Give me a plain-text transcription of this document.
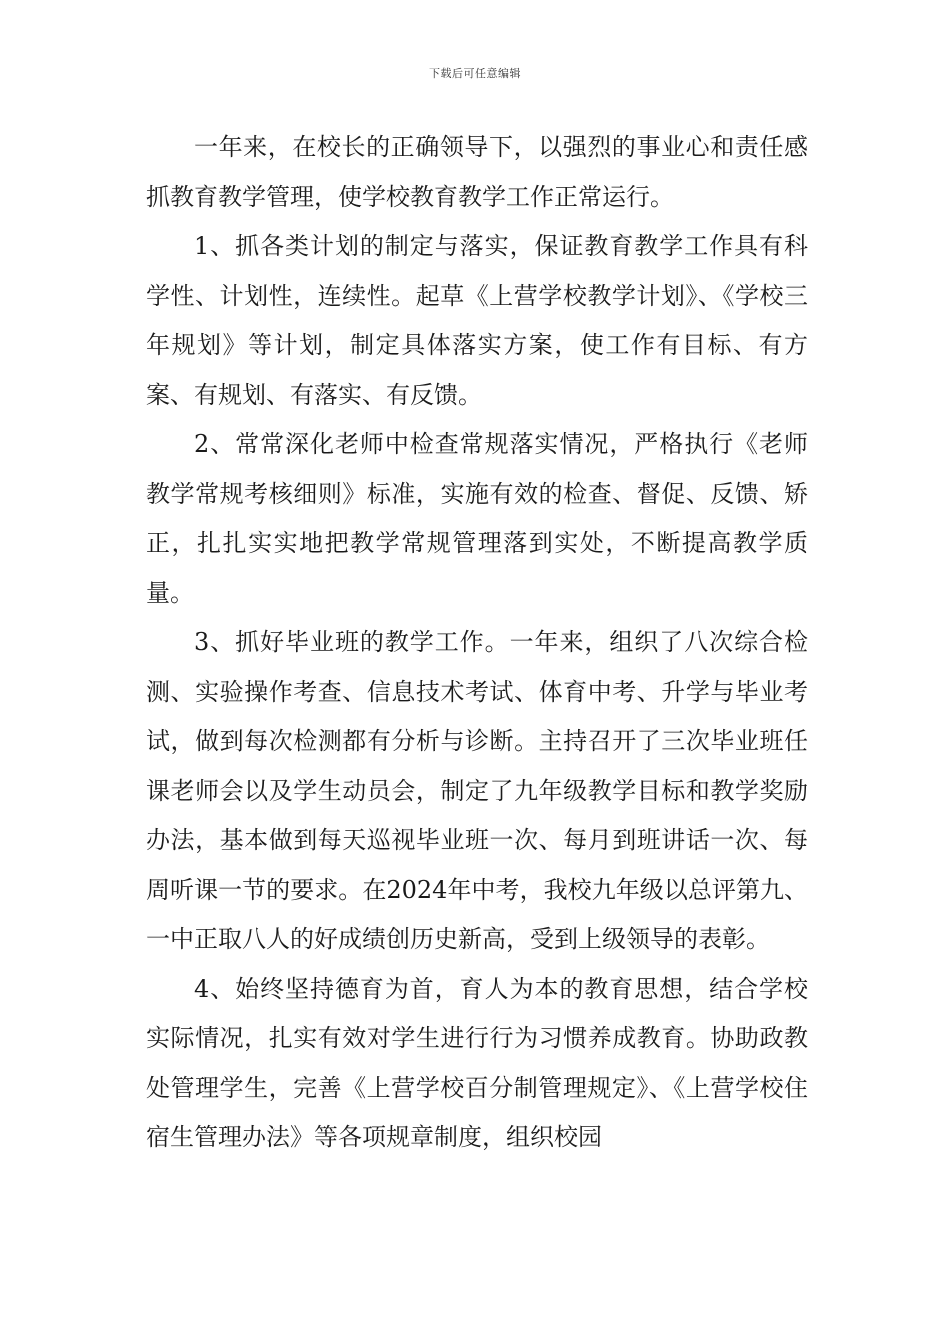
下载后可任意编辑

一年来，在校长的正确领导下，以强烈的事业心和责任感抓教育教学管理，使学校教育教学工作正常运行。

1、抓各类计划的制定与落实，保证教育教学工作具有科学性、计划性，连续性。起草《上营学校教学计划》、《学校三年规划》等计划，制定具体落实方案，使工作有目标、有方案、有规划、有落实、有反馈。

2、常常深化老师中检查常规落实情况，严格执行《老师教学常规考核细则》标准，实施有效的检查、督促、反馈、矫正，扎扎实实地把教学常规管理落到实处，不断提高教学质量。

3、抓好毕业班的教学工作。一年来，组织了八次综合检测、实验操作考查、信息技术考试、体育中考、升学与毕业考试，做到每次检测都有分析与诊断。主持召开了三次毕业班任课老师会以及学生动员会，制定了九年级教学目标和教学奖励办法，基本做到每天巡视毕业班一次、每月到班讲话一次、每周听课一节的要求。在2024年中考，我校九年级以总评第九、一中正取八人的好成绩创历史新高，受到上级领导的表彰。

4、始终坚持德育为首，育人为本的教育思想，结合学校实际情况，扎实有效对学生进行行为习惯养成教育。协助政教处管理学生，完善《上营学校百分制管理规定》、《上营学校住宿生管理办法》等各项规章制度，组织校园
